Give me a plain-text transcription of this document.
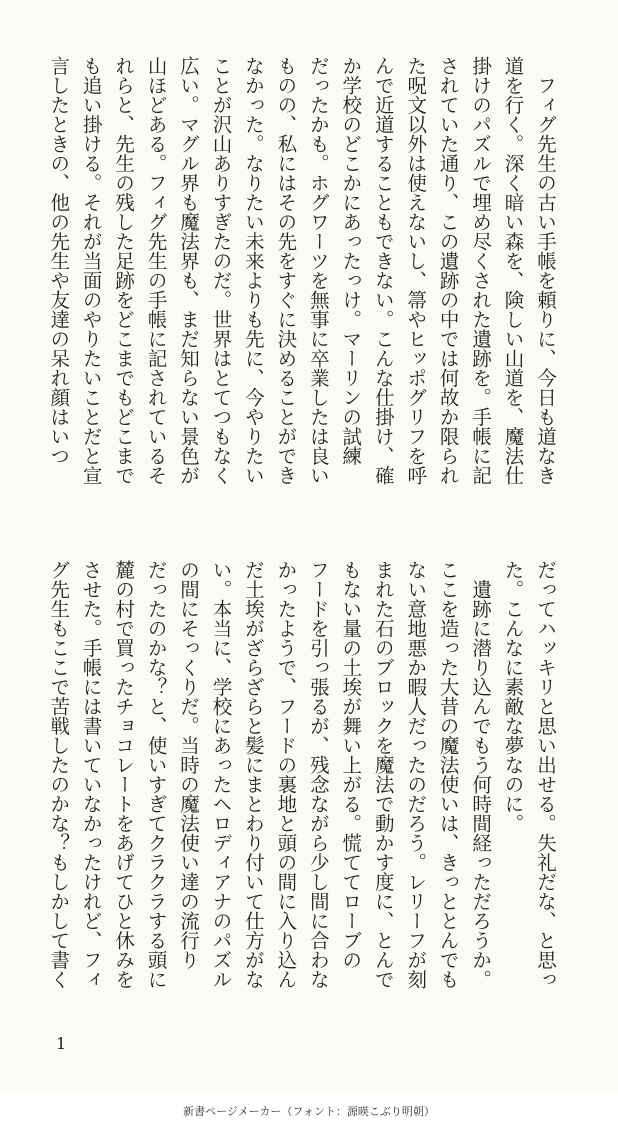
　フィグ先生の古い手帳を頼りに、今日も道なき
道を行く。深く暗い森を、険しい山道を、魔法仕
掛けのパズルで埋め尽くされた遺跡を。手帳に記
されていた通り、この遺跡の中では何故か限られ
た呪文以外は使えないし、箒やヒッポグリフを呼
んで近道することもできない。こんな仕掛け、確
か学校のどこかにあったっけ。マーリンの試練
だったかも。ホグワーツを無事に卒業したは良い
ものの、私にはその先をすぐに決めることができ
なかった。なりたい未来よりも先に、今やりたい
ことが沢山ありすぎたのだ。世界はとてつもなく
広い。マグル界も魔法界も、まだ知らない景色が
山ほどある。フィグ先生の手帳に記されているそ
れらと、先生の残した足跡をどこまでもどこまで
も追い掛ける。それが当面のやりたいことだと宣
言したときの、他の先生や友達の呆れ顔はいつ
だってハッキリと思い出せる。失礼だな、と思っ
た。こんなに素敵な夢なのに。
　遺跡に潜り込んでもう何時間経っただろうか。
ここを造った大昔の魔法使いは、きっととんでも
ない意地悪か暇人だったのだろう。レリーフが刻
まれた石のブロックを魔法で動かす度に、とんで
もない量の土埃が舞い上がる。慌ててローブの
フードを引っ張るが、残念ながら少し間に合わな
かったようで、フードの裏地と頭の間に入り込ん
だ土埃がざらざらと髪にまとわり付いて仕方がな
い。本当に、学校にあったヘロディアナのパズル
の間にそっくりだ。当時の魔法使い達の流行り
だったのかな？と、使いすぎてクラクラする頭に
麓の村で買ったチョコレートをあげてひと休みを
させた。手帳には書いていなかったけれど、フィ
グ先生もここで苦戦したのかな？もしかして書く
1
新書ページメーカー（フォント：源暎こぶり明朝）
